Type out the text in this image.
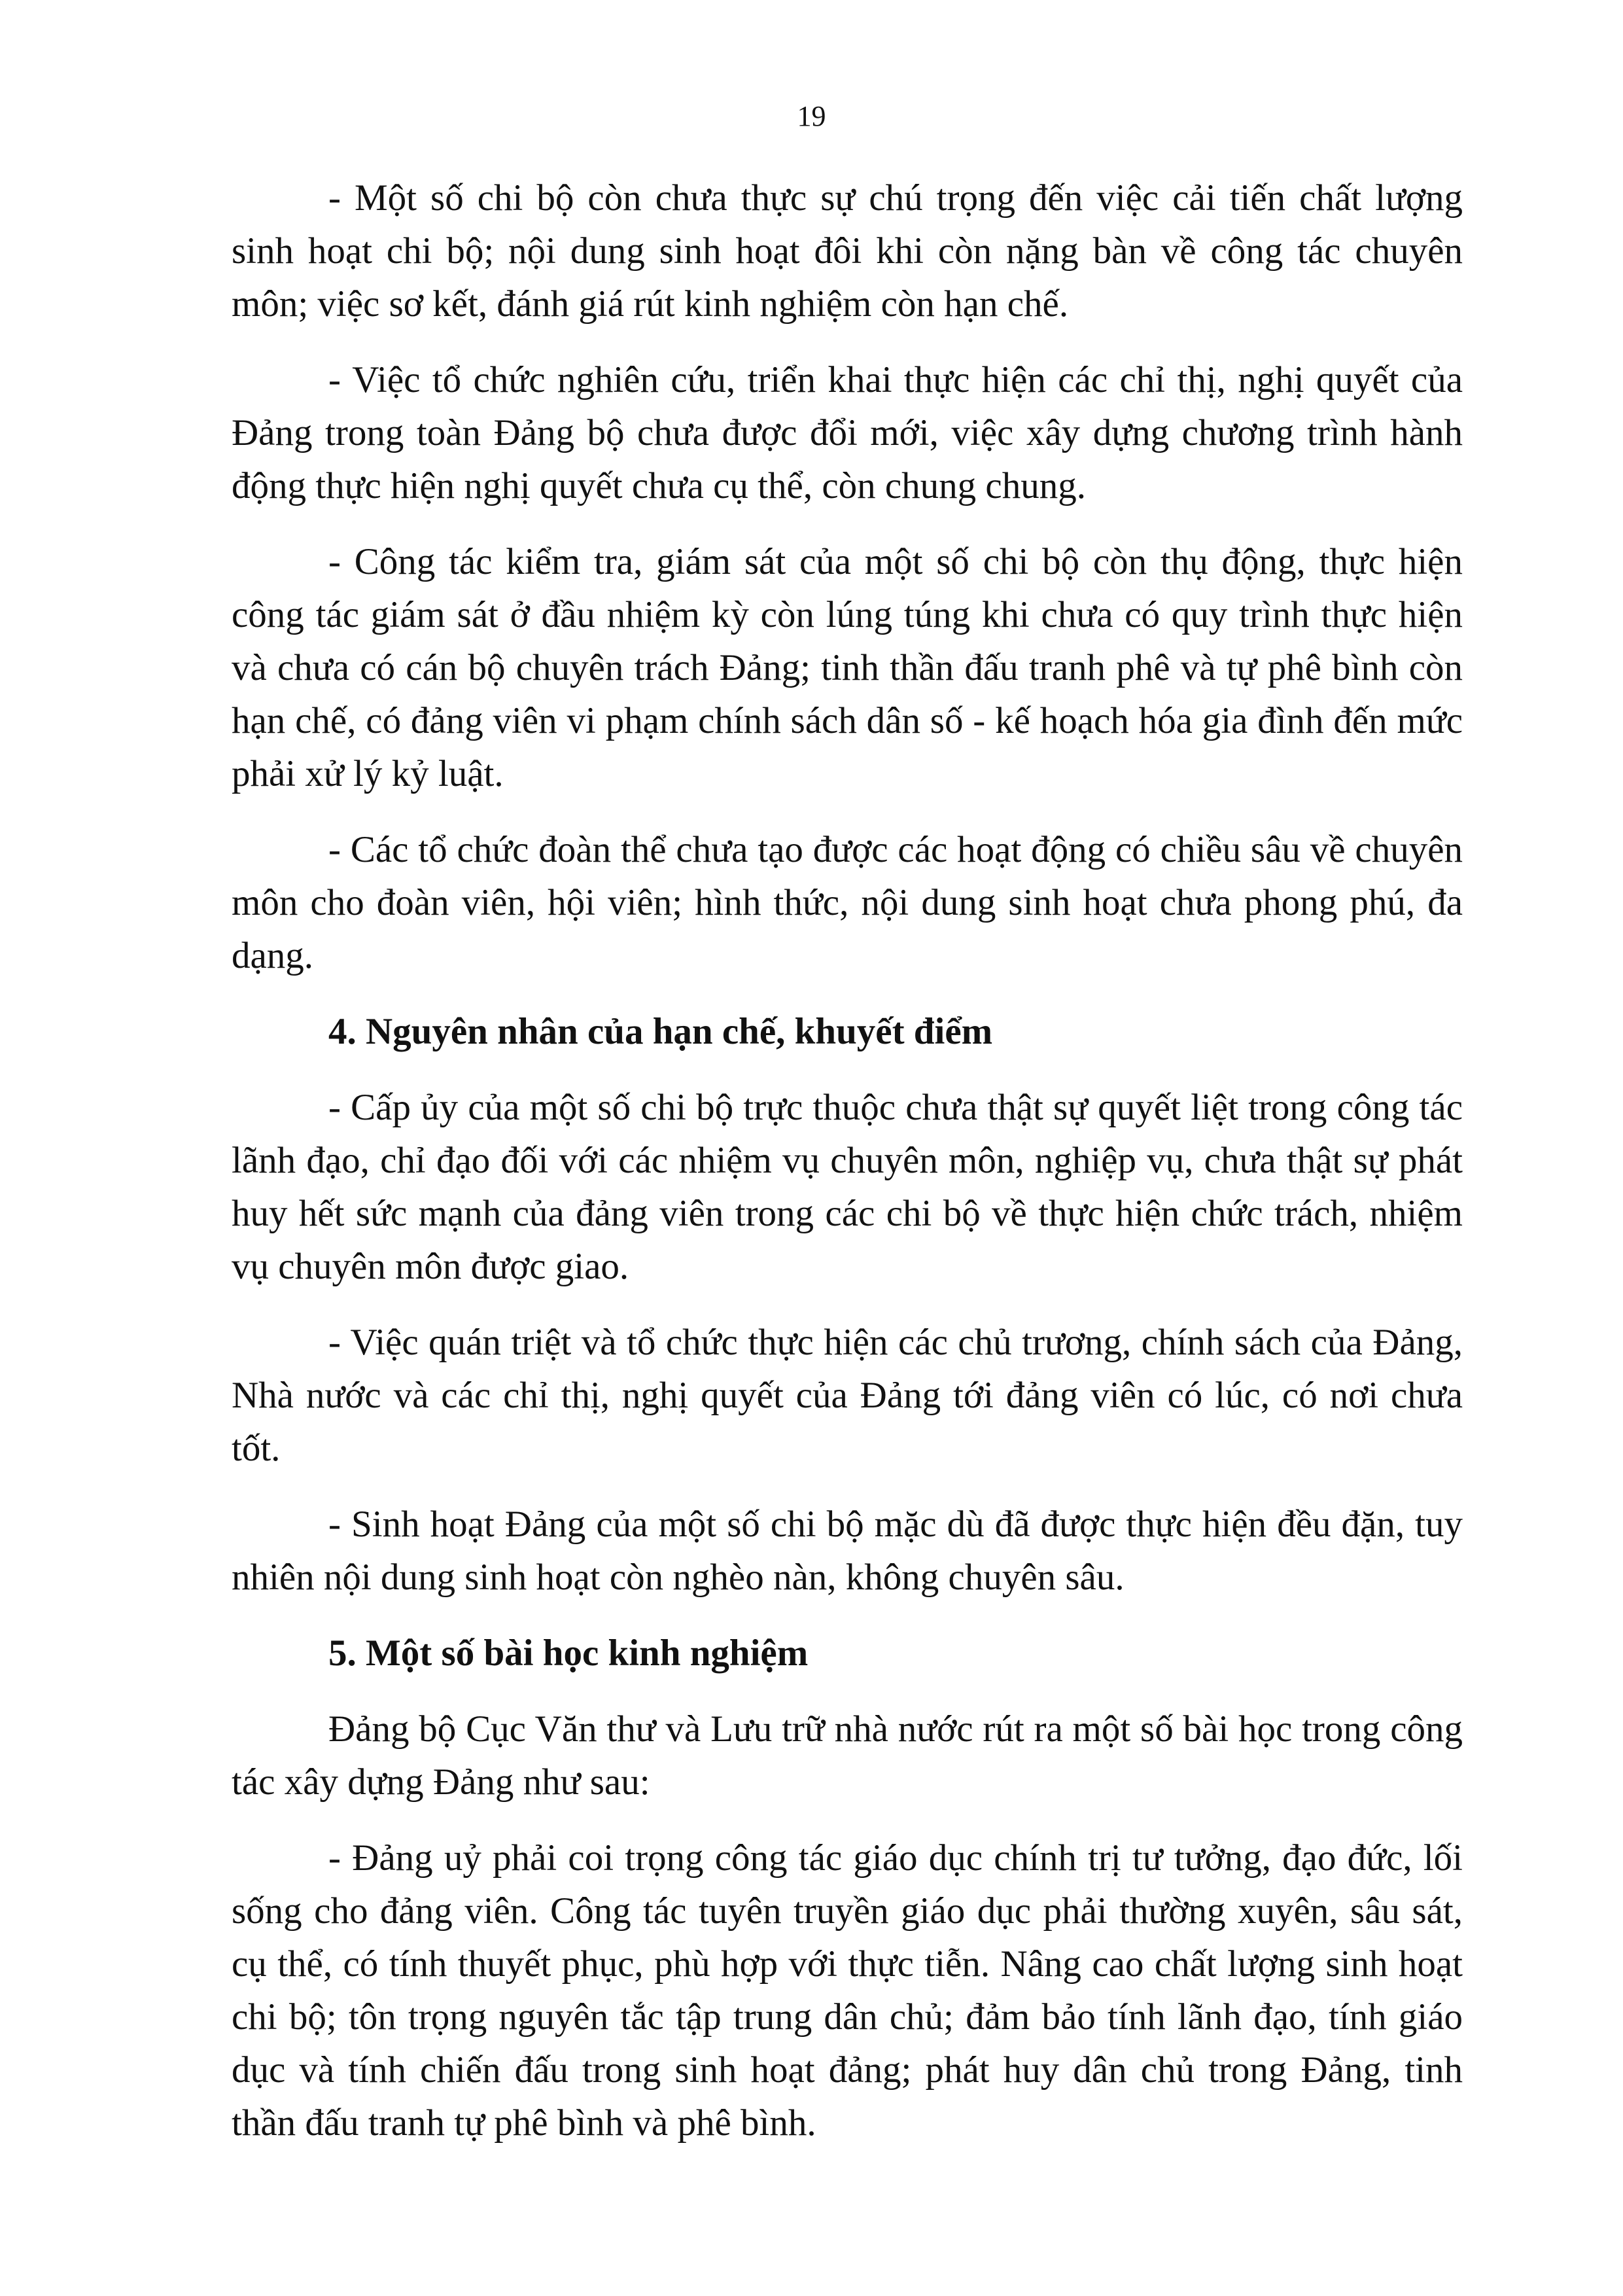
19

- Một số chi bộ còn chưa thực sự chú trọng đến việc cải tiến chất lượng sinh hoạt chi bộ; nội dung sinh hoạt đôi khi còn nặng bàn về công tác chuyên môn; việc sơ kết, đánh giá rút kinh nghiệm còn hạn chế.

- Việc tổ chức nghiên cứu, triển khai thực hiện các chỉ thị, nghị quyết của Đảng trong toàn Đảng bộ chưa được đổi mới, việc xây dựng chương trình hành động thực hiện nghị quyết chưa cụ thể, còn chung chung.

- Công tác kiểm tra, giám sát của một số chi bộ còn thụ động, thực hiện công tác giám sát ở đầu nhiệm kỳ còn lúng túng khi chưa có quy trình thực hiện và chưa có cán bộ chuyên trách Đảng; tinh thần đấu tranh phê và tự phê bình còn hạn chế, có đảng viên vi phạm chính sách dân số - kế hoạch hóa gia đình đến mức phải xử lý kỷ luật.

- Các tổ chức đoàn thể chưa tạo được các hoạt động có chiều sâu về chuyên môn cho đoàn viên, hội viên; hình thức, nội dung sinh hoạt chưa phong phú, đa dạng.

4. Nguyên nhân của hạn chế, khuyết điểm

- Cấp ủy của một số chi bộ trực thuộc chưa thật sự quyết liệt trong công tác lãnh đạo, chỉ đạo đối với các nhiệm vụ chuyên môn, nghiệp vụ, chưa thật sự phát huy hết sức mạnh của đảng viên trong các chi bộ về thực hiện chức trách, nhiệm vụ chuyên môn được giao.

- Việc quán triệt và tổ chức thực hiện các chủ trương, chính sách của Đảng, Nhà nước và các chỉ thị, nghị quyết của Đảng tới đảng viên có lúc, có nơi chưa tốt.

- Sinh hoạt Đảng của một số chi bộ mặc dù đã được thực hiện đều đặn, tuy nhiên nội dung sinh hoạt còn nghèo nàn, không chuyên sâu.

5. Một số bài học kinh nghiệm

Đảng bộ Cục Văn thư và Lưu trữ nhà nước rút ra một số bài học trong công tác xây dựng Đảng như sau:

- Đảng uỷ phải coi trọng công tác giáo dục chính trị tư tưởng, đạo đức, lối sống cho đảng viên. Công tác tuyên truyền giáo dục phải thường xuyên, sâu sát, cụ thể, có tính thuyết phục, phù hợp với thực tiễn. Nâng cao chất lượng sinh hoạt chi bộ; tôn trọng nguyên tắc tập trung dân chủ; đảm bảo tính lãnh đạo, tính giáo dục và tính chiến đấu trong sinh hoạt đảng; phát huy dân chủ trong Đảng, tinh thần đấu tranh tự phê bình và phê bình.
